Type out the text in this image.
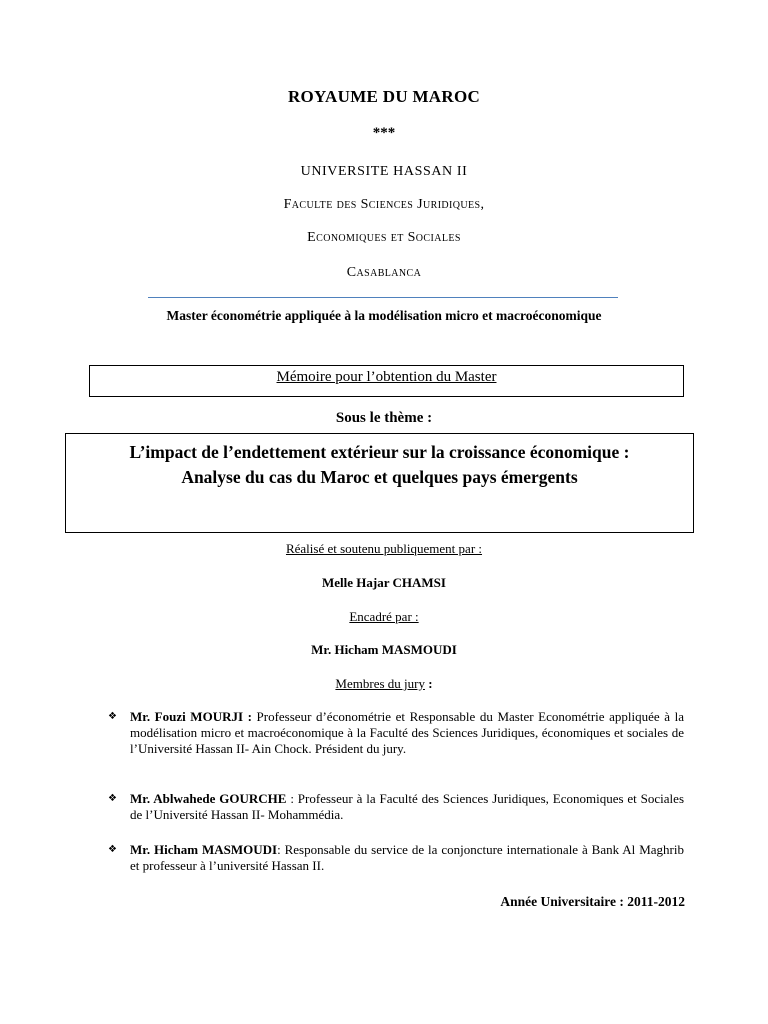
ROYAUME DU MAROC
***
UNIVERSITE HASSAN II
Faculte des Sciences Juridiques,
Economiques et Sociales
Casablanca
Master économétrie appliquée à la modélisation micro et macroéconomique
Mémoire pour l’obtention du Master
Sous le thème :
L’impact de l’endettement extérieur sur la croissance économique :
Analyse du cas du Maroc et quelques pays émergents
Réalisé et soutenu publiquement par :
Melle Hajar CHAMSI
Encadré par :
Mr. Hicham MASMOUDI
Membres du jury :
❖	Mr. Fouzi MOURJI : Professeur d’économétrie et Responsable du Master Econométrie appliquée à la modélisation micro et macroéconomique à la Faculté des Sciences Juridiques, économiques et sociales de l’Université Hassan II- Ain Chock. Président du jury.
❖	Mr. Ablwahede GOURCHE : Professeur à la Faculté des Sciences Juridiques, Economiques et Sociales de l’Université Hassan II- Mohammédia.
❖	Mr. Hicham MASMOUDI: Responsable du service de la conjoncture internationale à Bank Al Maghrib et professeur à l’université Hassan II.
Année Universitaire : 2011-2012
